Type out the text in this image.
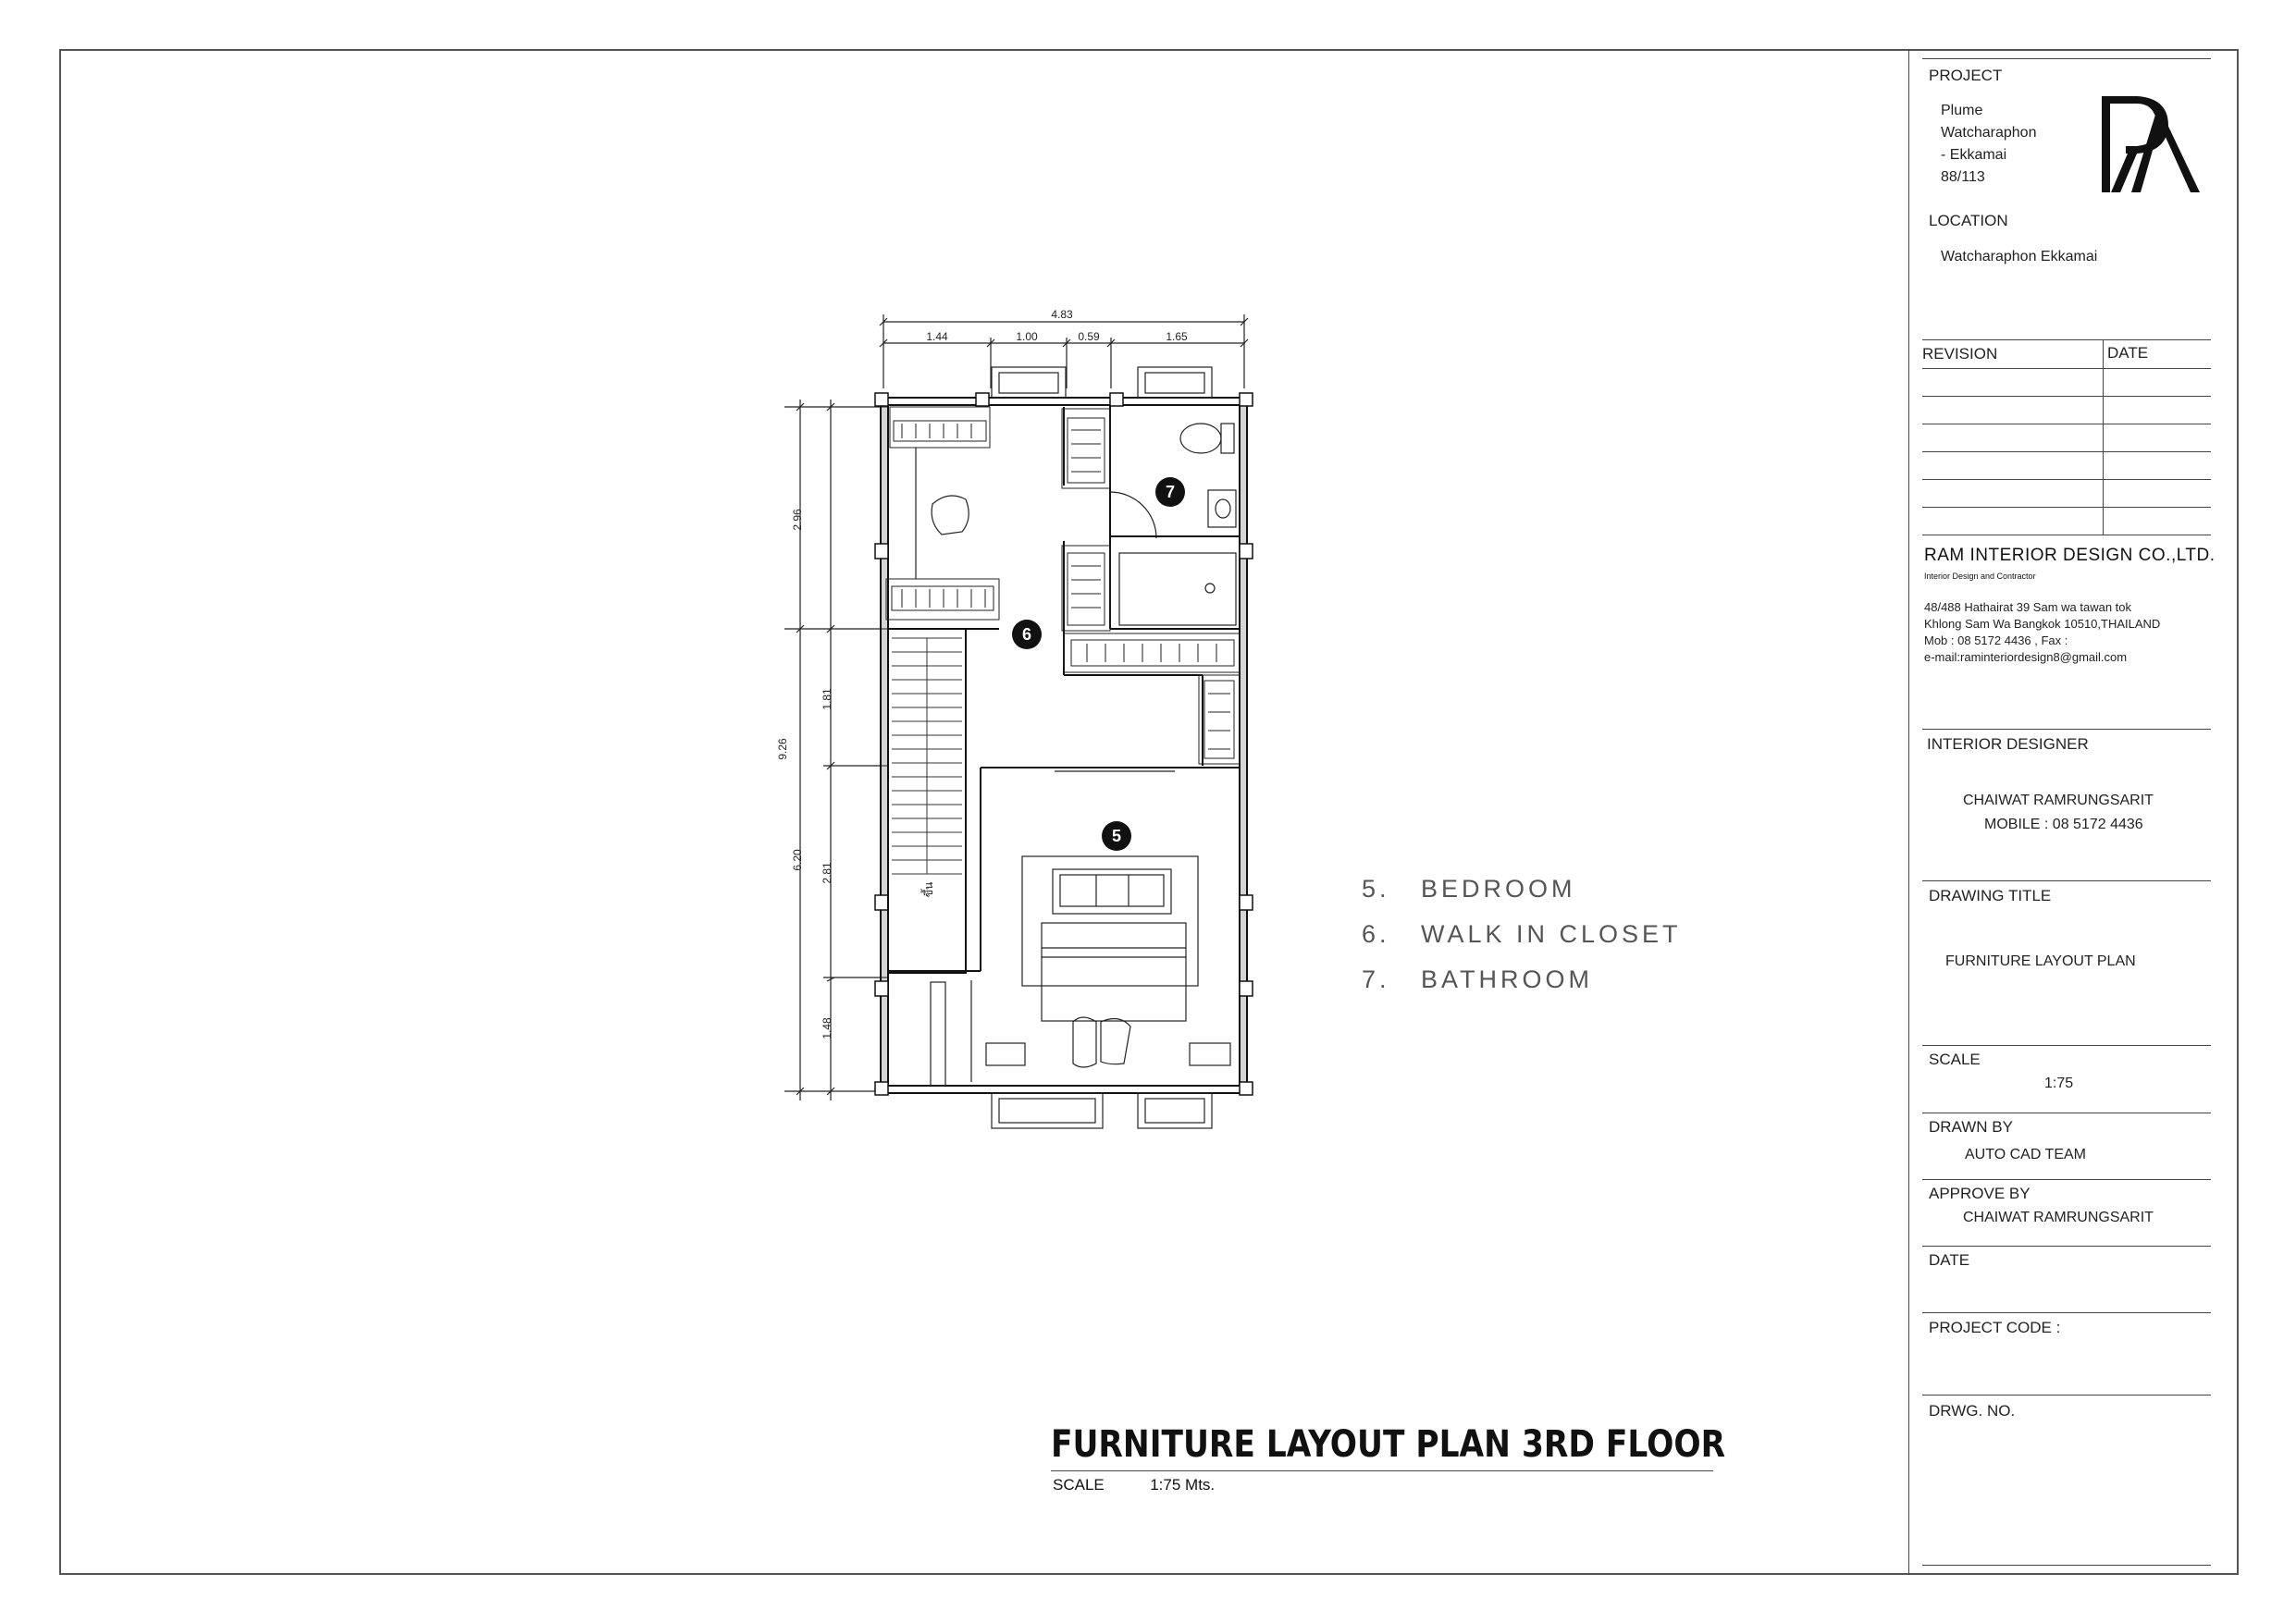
7
6
5
4.83
1.44	1.00	0.59	1.65
9.26
2.96
6.20
1.81
2.81
1.48
ขึ้น	5. BEDROOM
6. WALK IN CLOSET
7. BATHROOM
FURNITURE LAYOUT PLAN 3RD FLOOR
SCALE	1:75 Mts.
PROJECT
Plume
Watcharaphon
- Ekkamai
88/113
LOCATION
Watcharaphon Ekkamai
REVISION	DATE
RAM INTERIOR DESIGN CO.,LTD.
Interior Design and Contractor
48/488 Hathairat 39 Sam wa tawan tok
Khlong Sam Wa Bangkok 10510,THAILAND
Mob : 08 5172 4436 , Fax :
e-mail:raminteriordesign8@gmail.com
INTERIOR DESIGNER
CHAIWAT RAMRUNGSARIT
MOBILE : 08 5172 4436
DRAWING TITLE
FURNITURE LAYOUT PLAN
SCALE
1:75
DRAWN BY
AUTO CAD TEAM
APPROVE BY
CHAIWAT RAMRUNGSARIT
DATE
PROJECT CODE :
DRWG. NO.
